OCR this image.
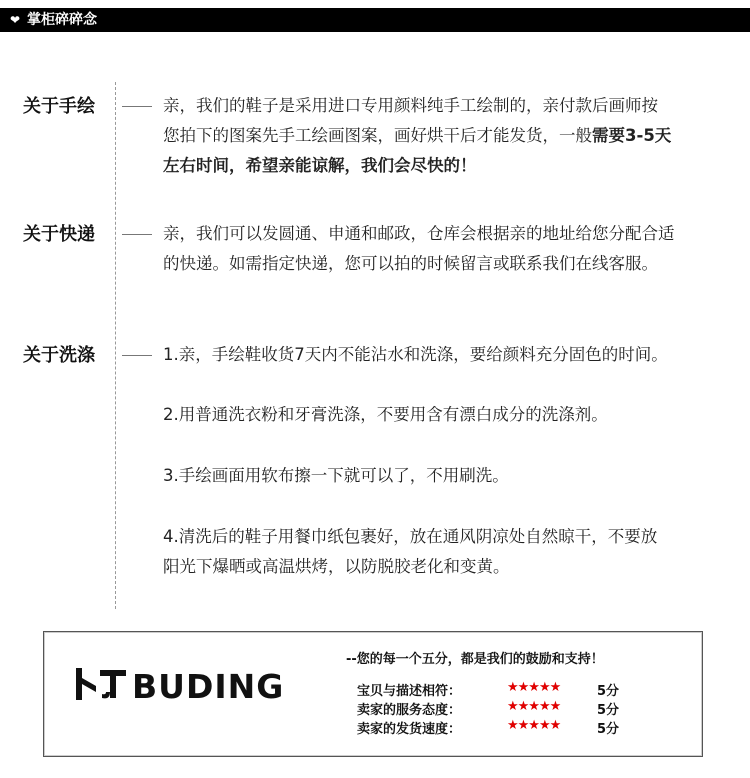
❤ 掌柜碎碎念
关于手绘	亲，我们的鞋子是采用进口专用颜料纯手工绘制的，亲付款后画师按
您拍下的图案先手工绘画图案，画好烘干后才能发货，一般需要3-5天
左右时间，希望亲能谅解，我们会尽快的！
关于快递	亲，我们可以发圆通、申通和邮政，仓库会根据亲的地址给您分配合适
的快递。如需指定快递，您可以拍的时候留言或联系我们在线客服。
关于洗涤	1.亲，手绘鞋收货7天内不能沾水和洗涤，要给颜料充分固色的时间。
2.用普通洗衣粉和牙膏洗涤，不要用含有漂白成分的洗涤剂。
3.手绘画面用软布擦一下就可以了，不用刷洗。
4.清洗后的鞋子用餐巾纸包裹好，放在通风阴凉处自然晾干，不要放
阳光下爆晒或高温烘烤，以防脱胶老化和变黄。
BUDING
--您的每一个五分，都是我们的鼓励和支持！
宝贝与描述相符：	★★★★★	5分
卖家的服务态度：	★★★★★	5分
卖家的发货速度：	★★★★★	5分
